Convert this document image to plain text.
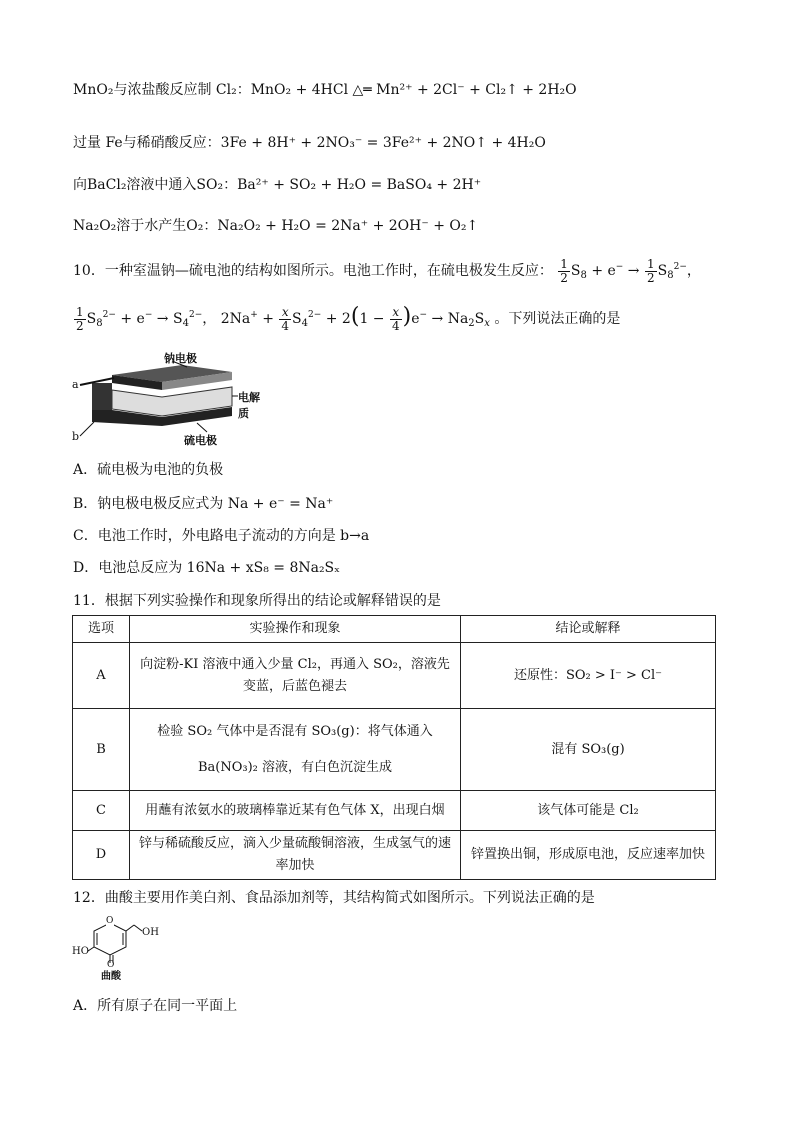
MnO₂与浓盐酸反应制 Cl₂：MnO₂ + 4HCl △═ Mn²⁺ + 2Cl⁻ + Cl₂↑ + 2H₂O
过量 Fe与稀硝酸反应：3Fe + 8H⁺ + 2NO₃⁻ = 3Fe²⁺ + 2NO↑ + 4H₂O
向BaCl₂溶液中通入SO₂：Ba²⁺ + SO₂ + H₂O = BaSO₄ + 2H⁺
Na₂O₂溶于水产生O₂：Na₂O₂ + H₂O = 2Na⁺ + 2OH⁻ + O₂↑
10．一种室温钠—硫电池的结构如图所示。电池工作时，在硫电极发生反应： $\frac{1}{2} S_8 + e^- \to \frac{1}{2} S_8^{2-}$，
$\frac{1}{2} S_8^{2-} + e^- \to S_4^{2-}$， $2Na^+ + \frac{x}{4} S_4^{2-} + 2(1 - \frac{x}{4} )e^- \to Na_2S_x$ 。下列说法正确的是
钠电极
电解质
硫电极
a
b
A．硫电极为电池的负极
B．钠电极电极反应式为 Na + e⁻ = Na⁺
C．电池工作时，外电路电子流动的方向是 b→a
D．电池总反应为 16Na + xS₈ = 8Na₂Sₓ
11．根据下列实验操作和现象所得出的结论或解释错误的是
选项	实验操作和现象	结论或解释
A	向淀粉-KI 溶液中通入少量 Cl₂，再通入 SO₂，溶液先变蓝，后蓝色褪去	还原性：SO₂ > I⁻ > Cl⁻
B	检验 SO₂ 气体中是否混有 SO₃(g)：将气体通入 Ba(NO₃)₂ 溶液，有白色沉淀生成	混有 SO₃(g)
C	用蘸有浓氨水的玻璃棒靠近某有色气体 X，出现白烟	该气体可能是 Cl₂
D	锌与稀硫酸反应，滴入少量硫酸铜溶液，生成氢气的速率加快	锌置换出铜，形成原电池，反应速率加快
12．曲酸主要用作美白剂、食品添加剂等，其结构简式如图所示。下列说法正确的是
O
OH
HO
O
曲酸
A．所有原子在同一平面上
